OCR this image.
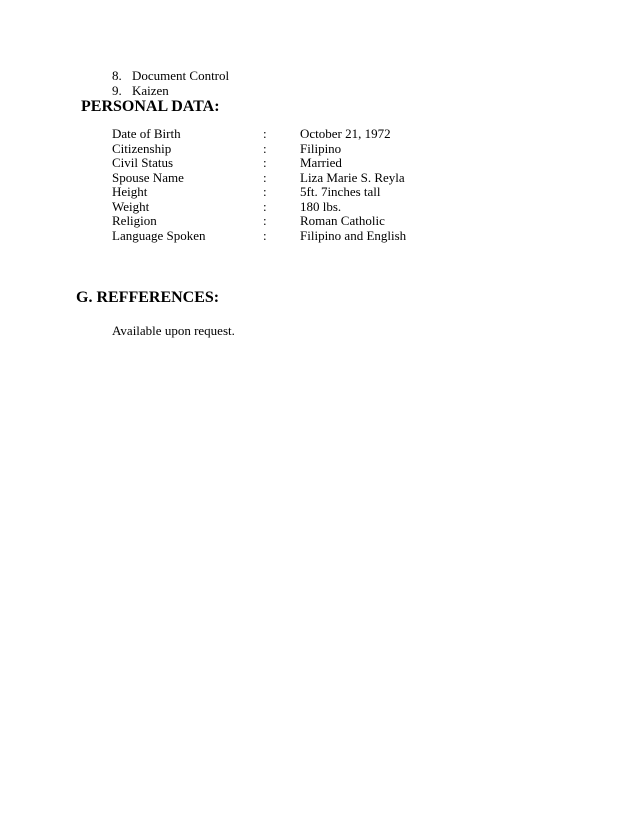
8. Document Control
9. Kaizen
PERSONAL DATA:
Date of Birth	:	October 21, 1972
Citizenship	:	Filipino
Civil Status	:	Married
Spouse Name	:	Liza Marie S. Reyla
Height	:	5ft. 7inches tall
Weight	:	180 lbs.
Religion	:	Roman Catholic
Language Spoken	:	Filipino and English
G. REFFERENCES:
Available upon request.
